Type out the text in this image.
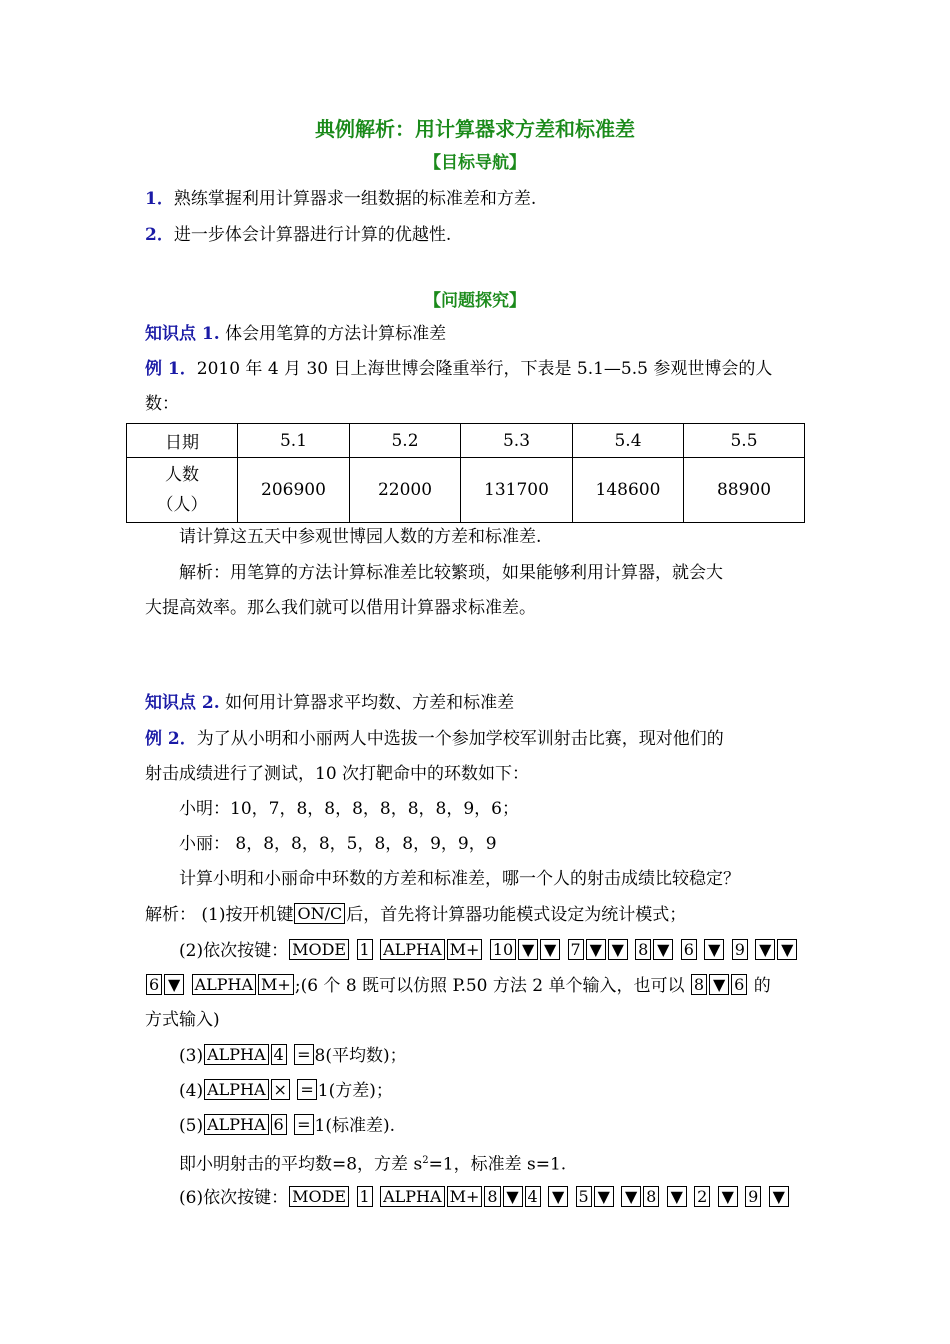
典例解析：用计算器求方差和标准差
【目标导航】
1．熟练掌握利用计算器求一组数据的标准差和方差.
2．进一步体会计算器进行计算的优越性.
【问题探究】
知识点 1. 体会用笔算的方法计算标准差
例 1．2010 年 4 月 30 日上海世博会隆重举行，下表是 5.1—5.5 参观世博会的人
数：
日期	5.1	5.2	5.3	5.4	5.5

人数
（人）	206900	22000	131700	148600	88900
请计算这五天中参观世博园人数的方差和标准差.
解析：用笔算的方法计算标准差比较繁琐，如果能够利用计算器，就会大
大提高效率。那么我们就可以借用计算器求标准差。
知识点 2. 如何用计算器求平均数、方差和标准差
例 2．为了从小明和小丽两人中选拔一个参加学校军训射击比赛，现对他们的
射击成绩进行了测试，10 次打靶命中的环数如下：
小明：10，7，8，8，8，8，8，8，9，6；
小丽： 8，8，8，8，5，8，8，9，9，9
计算小明和小丽命中环数的方差和标准差，哪一个人的射击成绩比较稳定？
解析： (1)按开机键 ON/C 后，首先将计算器功能模式设定为统计模式；
(2)依次按键： MODE 1 ALPHA M+ 10 ▼ ▼ 7 ▼ ▼ 8 ▼ 6 ▼ 9 ▼ ▼
6 ▼ ALPHA M+ ;(6 个 8 既可以仿照 P.50 方法 2 单个输入，也可以 8 ▼ 6 的
方式输入)
(3) ALPHA 4 = 8(平均数)；
(4) ALPHA × = 1(方差)；
(5) ALPHA 6 = 1(标准差).
即小明射击的平均数=8，方差 $s^2=1$，标准差 s=1.
(6)依次按键： MODE 1 ALPHA M+ 8 ▼ 4 ▼ 5 ▼ ▼ 8 ▼ 2 ▼ 9 ▼
